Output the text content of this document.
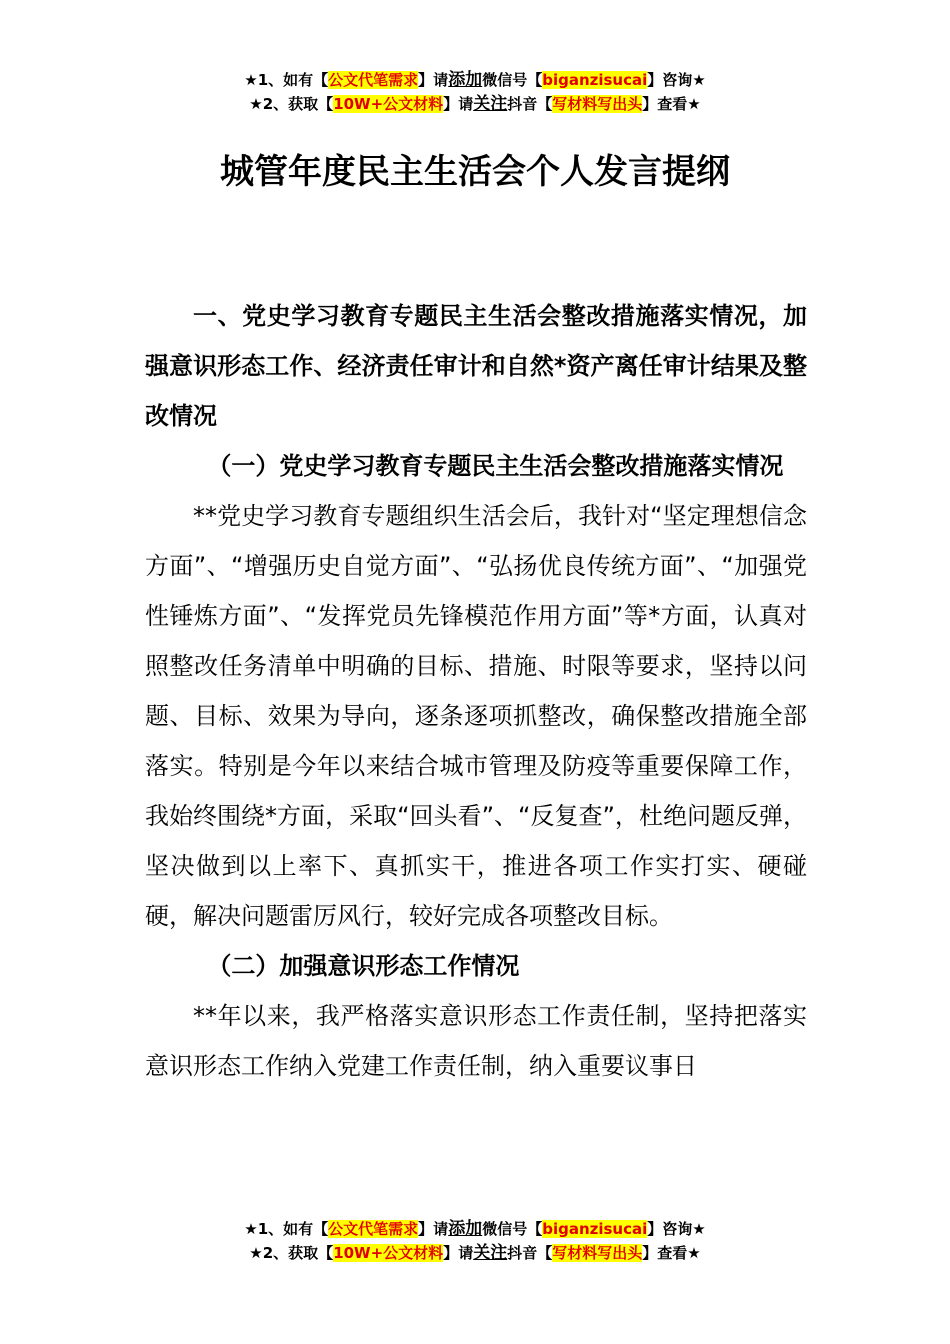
★1、如有【公文代笔需求】请添加微信号【biganzisucai】咨询★
★2、获取【10W+公文材料】请关注抖音【写材料写出头】查看★
城管年度民主生活会个人发言提纲

一、党史学习教育专题民主生活会整改措施落实情况，加强意识形态工作、经济责任审计和自然*资产离任审计结果及整改情况

（一）党史学习教育专题民主生活会整改措施落实情况

**党史学习教育专题组织生活会后，我针对“坚定理想信念方面”、“增强历史自觉方面”、“弘扬优良传统方面”、“加强党性锤炼方面”、“发挥党员先锋模范作用方面”等*方面，认真对照整改任务清单中明确的目标、措施、时限等要求，坚持以问题、目标、效果为导向，逐条逐项抓整改，确保整改措施全部落实。特别是今年以来结合城市管理及防疫等重要保障工作，我始终围绕*方面，采取“回头看”、“反复查”，杜绝问题反弹，坚决做到以上率下、真抓实干，推进各项工作实打实、硬碰硬，解决问题雷厉风行，较好完成各项整改目标。

（二）加强意识形态工作情况

**年以来，我严格落实意识形态工作责任制，坚持把落实意识形态工作纳入党建工作责任制，纳入重要议事日

★1、如有【公文代笔需求】请添加微信号【biganzisucai】咨询★
★2、获取【10W+公文材料】请关注抖音【写材料写出头】查看★
